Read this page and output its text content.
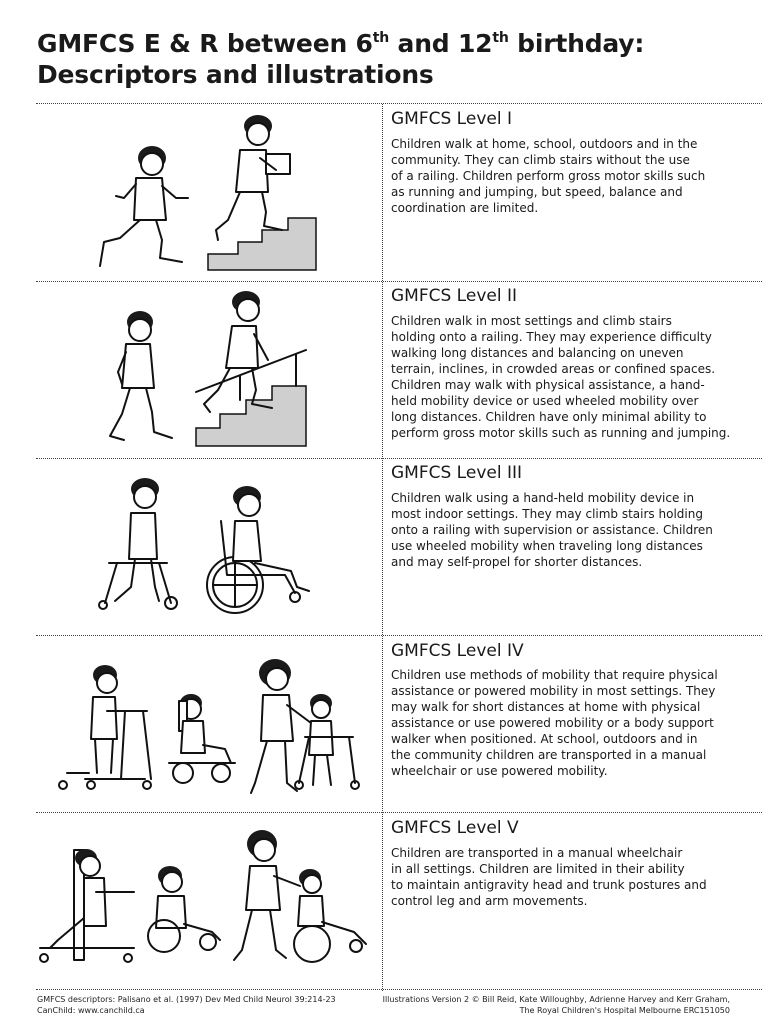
GMFCS E & R between 6th and 12th birthday:
Descriptors and illustrations
GMFCS Level I
Children walk at home, school, outdoors and in the
community. They can climb stairs without the use
of a railing. Children perform gross motor skills such
as running and jumping, but speed, balance and
coordination are limited.
GMFCS Level II
Children walk in most settings and climb stairs
holding onto a railing. They may experience difficulty
walking long distances and balancing on uneven
terrain, inclines, in crowded areas or confined spaces.
Children may walk with physical assistance, a hand-
held mobility device or used wheeled mobility over
long distances. Children have only minimal ability to
perform gross motor skills such as running and jumping.
GMFCS Level III
Children walk using a hand-held mobility device in
most indoor settings. They may climb stairs holding
onto a railing with supervision or assistance. Children
use wheeled mobility when traveling long distances
and may self-propel for shorter distances.
GMFCS Level IV
Children use methods of mobility that require physical
assistance or powered mobility in most settings. They
may walk for short distances at home with physical
assistance or use powered mobility or a body support
walker when positioned. At school, outdoors and in
the community children are transported in a manual
wheelchair or use powered mobility.
GMFCS Level V
Children are transported in a manual wheelchair
in all settings. Children are limited in their ability
to maintain antigravity head and trunk postures and
control leg and arm movements.
GMFCS descriptors: Palisano et al. (1997) Dev Med Child Neurol 39:214-23
CanChild: www.canchild.ca
Illustrations Version 2 © Bill Reid, Kate Willoughby, Adrienne Harvey and Kerr Graham,
The Royal Children's Hospital Melbourne ERC151050
